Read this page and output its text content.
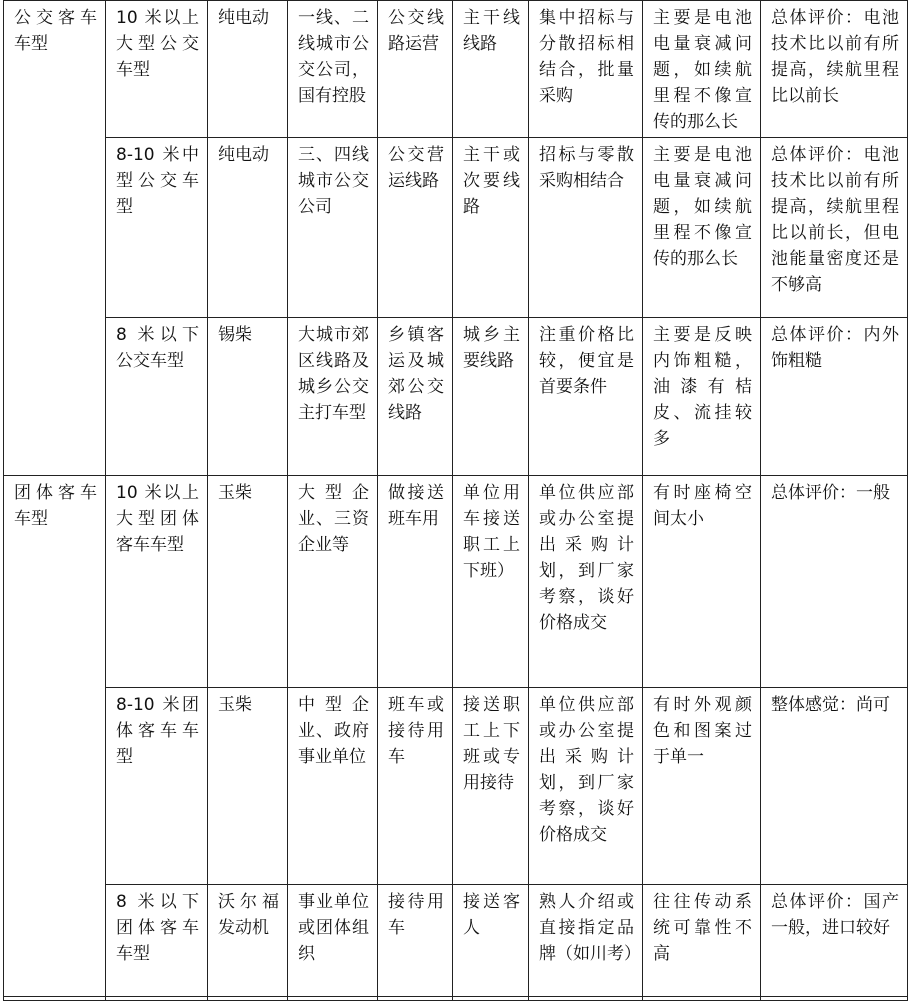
公交客车车型	10 米以上大型公交车型	纯电动	一线、二线城市公交公司，国有控股	公交线路运营	主干线线路	集中招标与分散招标相结合，批量采购	主要是电池电量衰减问题，如续航里程不像宣传的那么长	总体评价：电池技术比以前有所提高，续航里程比以前长
	8-10 米中型公交车型	纯电动	三、四线城市公交公司	公交营运线路	主干或次要线路	招标与零散采购相结合	主要是电池电量衰减问题，如续航里程不像宣传的那么长	总体评价：电池技术比以前有所提高，续航里程比以前长，但电池能量密度还是不够高
	8 米以下公交车型	锡柴	大城市郊区线路及城乡公交主打车型	乡镇客运及城郊公交线路	城乡主要线路	注重价格比较，便宜是首要条件	主要是反映内饰粗糙，油漆有桔皮、流挂较多	总体评价：内外饰粗糙
团体客车车型	10 米以上大型团体客车车型	玉柴	大型企业、三资企业等	做接送班车用	单位用车接送职工上下班）	单位供应部或办公室提出采购计划，到厂家考察，谈好价格成交	有时座椅空间太小	总体评价：一般
	8-10 米团体客车车型	玉柴	中型企业、政府事业单位	班车或接待用车	接送职工上下班或专用接待	单位供应部或办公室提出采购计划，到厂家考察，谈好价格成交	有时外观颜色和图案过于单一	整体感觉：尚可
	8 米以下团体客车车型	沃尔福发动机	事业单位或团体组织	接待用车	接送客人	熟人介绍或直接指定品牌（如川考）	往往传动系统可靠性不高	总体评价：国产一般，进口较好
